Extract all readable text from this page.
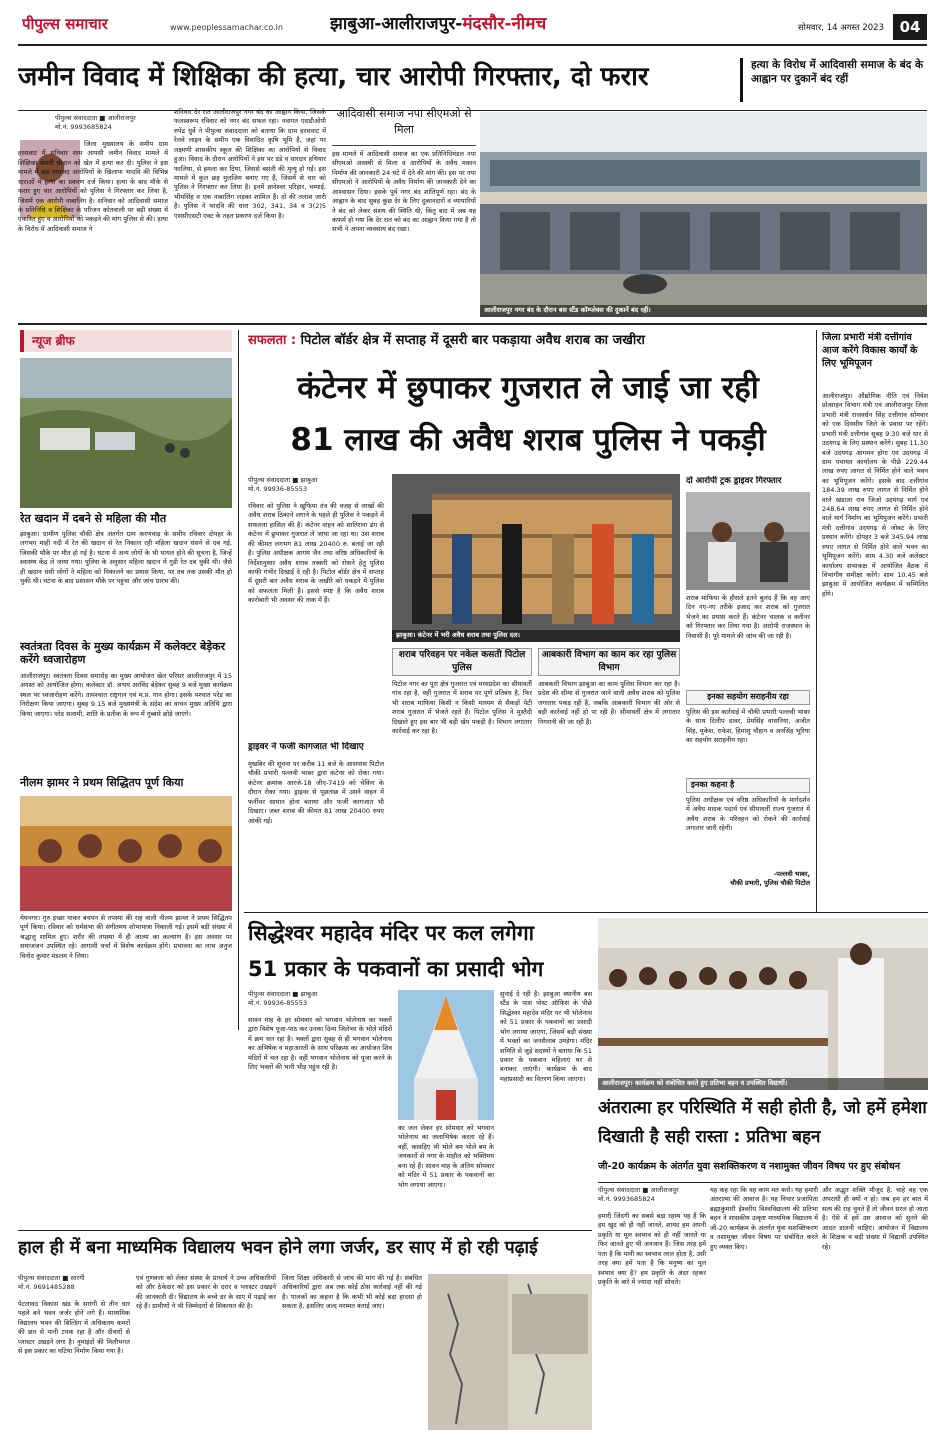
पीपुल्स समाचार	www.peoplessamachar.co.in	झाबुआ-आलीराजपुर-मंदसौर-नीमच	सोमवार, 14 अगस्त 2023	04
जमीन विवाद में शिक्षिका की हत्या, चार आरोपी गिरफ्तार, दो फरार	हत्या के विरोध में आदिवासी समाज के बंद के आह्वान पर दुकानें बंद रहीं
पीपुल्स संवाददाता ■ आलीराजपुर
मो.नं. 9993685824
जिला मुख्यालय के समीप ग्राम हरसवाट में शनिवार शाम आपसी जमीन विवाद मामले में शिक्षिका बंसती चौहान को खेत में हत्या कर दी। पुलिस ने इस मामले में छह नामजद आरोपियों के खिलाफ भादवि की विभिन्न धाराओं में हत्या का प्रकरण दर्ज किया। हत्या के बाद मौके से फरार हुए चार आरोपियों को पुलिस ने गिरफ्तार कर लिया है, जिसमें एक आरोपी नाबालिग है। शनिवार को आदिवासी समाज के प्रतिनिधि व शिक्षिका के परिजन कोतवाली पर बड़ी संख्या में एकत्रित हुए व आरोपियों को पकड़ने की मांग पुलिस से की। हत्या के विरोध में आदिवासी समाज ने
शनिवार देर रात आलीराजपुर नगर बंद का आह्वान किया, जिसके फलस्वरूप रविवार को नगर बंद सफल रहा। नवागत एसडीओपी रुपेंद्र धुर्वे ने पीपुल्स संवाददाता को बताया कि ग्राम हरसवाट में रेलवे लाइन के समीप एक विवादित कृषि भूमि है, जहां पर लक्ष्मणी शासकीय स्कूल की शिक्षिका का आरोपियों से विवाद हुआ। विवाद के दौरान आरोपियों ने इस पर डंडे व धारदार हथियार फालिया, से हमला कर दिया, जिससे बसंती की मृत्यु हो गई। इस मामले में कुल छह मुलजिम बनाए गए हैं, जिसमें से चार को पुलिस ने गिरफ्तार कर लिया है। इनमें ज्ञानेश्वर परिहार, चम्पाई, भीमसिंह व एक नाबालिग लड़का शामिल हैं। दो की तलाश जारी है। पुलिस ने भादवि की धारा 302, 341, 34 व 3(2)5 एससीएसटी एक्ट के तहत प्रकरण दर्ज किया है।
आदिवासी समाज नपा सीएमओ से मिला
इस मामले में आदिवासी समाज का एक प्रतिनिधिमंडल नपा सीएमओ अवस्थी से मिला व आरोपियों के अवैध मकान निर्माण की जानकारी 24 घंटे में देने की मांग की। इस पर नपा सीएमओ ने आरोपियों के अवैध निर्माण की जानकारी देने का आश्वासन दिया। इसके पूर्व नगर बंद शांतिपूर्ण रहा। बंद के आह्वान के बाद सुबह कुछ देर के लिए दुकानदारों व व्यापारियों ने बंद को लेकर संशय की स्थिति थी, किंतु बाद में जब यह कंफर्म हो गया कि देर रात को बंद का आह्वान किया गया है तो सभी ने अपना व्यवसाय बंद रखा।
आलीराजपुर नगर बंद के दौरान बस स्टैंड कॉम्प्लेक्स की दुकानें बंद रहीं।
न्यूज ब्रीफ
रेत खदान में दबने से महिला की मौत
झाबुआ। ग्रामीण पुलिस चौकी क्षेत्र अंतर्गत ग्राम करणवाड़ के समीप रविवार दोपहर के लगभग माही नदी में रेत की खदान से रेत निकाल रही महिला खदान धंसने से दब गई, जिसकी मौके पर मौत हो गई है। घटना में अन्य लोगों के भी घायल होने की सूचना है, जिन्हें स्वास्थ्य केंद्र ले जाया गया। पुलिस के अनुसार महिला खदान में गुड़ी रेत दब चुकी थी। जैसे ही खदान धंसी लोगों ने महिला को निकालने का प्रयास किया, पर तब तक उसकी मौत हो चुकी थी। घटना के बाद प्रशासन मौके पर पहुंचा और जांच प्रारंभ की।
स्वतंत्रता दिवस के मुख्य कार्यक्रम में कलेक्टर बेड़ेकर करेंगे ध्वजारोहण
आलीराजपुर। स्वतंत्रता दिवस समारोह का मुख्य आयोजन खेल परिसर आलीराजपुर में 15 अगस्त को आयोजित होगा। कलेक्टर डॉ. अभय अरविंद बेड़ेकर सुबह 9 बजे मुख्य कार्यक्रम स्थल पर ध्वजारोहण करेंगे। तत्पश्चात राष्ट्रगान एवं म.प्र. गान होगा। इसके पश्चात परेड का निरीक्षण किया जाएगा। सुबह 9.15 बजे मुख्यमंत्री के संदेश का वाचन मुख्य अतिथि द्वारा किया जाएगा। परेड सलामी, शांति के प्रतीक के रूप में गुब्बारे छोड़े जाएंगे।
नीलम झामर ने प्रथम सिद्धितप पूर्ण किया
मेघनगर। गुरु इच्छा पाकर बचपन से तपस्या की राह वाली नीलम झामर ने प्रथम सिद्धितप पूर्ण किया। रविवार को धर्मसभा की संगीतमय शोभायात्रा निकाली गई। इसमें बड़ी संख्या में श्रद्धालु शामिल हुए। शरीर की तपस्या में ही आत्मा का कल्याण है। इस अवसर पर समाजजन उपस्थित रहे। आगामी चर्चा में विशेष कार्यक्रम होंगे। प्रभावना का लाभ अनुज विनोद कुमार मंडलम ने लिया।
सफलता : पिटोल बॉर्डर क्षेत्र में सप्ताह में दूसरी बार पकड़ाया अवैध शराब का जखीरा
कंटेनर में छुपाकर गुजरात ले जाई जा रही
81 लाख की अवैध शराब पुलिस ने पकड़ी
पीपुल्स संवाददाता ■ झाबुआ
मो.नं. 99936-85553
रविवार को पुलिस ने खुफिया तंत्र की वजह से लाखों की अवैध शराब ठिकाने लगाने के पहले ही पुलिस ने पकड़ने में सफलता हासिल की है। कंटेनर वाहन को शातिराना ढंग से कंटेनर में छुपाकर गुजरात ले जाया जा रहा था। उस शराब की कीमत लगभग 81 लाख 20400 रु. बताई जा रही है। पुलिस अधीक्षक आगम जैन तथा वरिष्ठ अधिकारियों के निर्देशानुसार अवैध शराब तस्करी को रोकने हेतु पुलिस काफी गंभीर दिखाई दे रही है। पिटोल बॉर्डर क्षेत्र में सप्ताह में दूसरी बार अवैध शराब के जखीरे को पकड़ने में पुलिस को सफलता मिली है। इससे स्पष्ट है कि अवैध शराब कारोबारी भी अवसर की ताक में हैं।
ड्राइवर ने फर्जी कागजात भी दिखाए
मुखबिर की सूचना पर करीब 11 बजे के आसपास पिटोल चौकी प्रभारी पल्लवी भाबर द्वारा कंटेनर को रोका गया। कंटेनर क्रमांक आरजे-18 जीए-7419 को चेकिंग के दौरान रोका गया। ड्राइवर से पूछताछ में उसने वाहन में फर्नीचर सामान होना बताया और फर्जी कागजात भी दिखाए। जब्त शराब की कीमत 81 लाख 20400 रुपए आंकी गई।
झाबुआ। कंटेनर में भरी अवैध शराब तथा पुलिस दल।
शराब परिवहन पर नकेल कसती पिटोल पुलिस
पिटोल नगर का पूरा क्षेत्र गुजरात एवं मध्यप्रदेश का सीमावर्ती गांव रहा है, वहीं गुजरात में शराब पर पूर्ण प्रतिबंध है, फिर भी शराब माफिया किसी न किसी माध्यम से सैकड़ों पेटी शराब गुजरात में भेजते रहते हैं। पिटोल पुलिस ने मुस्तैदी दिखाते हुए इस बार भी बड़ी खेप पकड़ी है। विभाग लगातार कार्रवाई कर रहा है।
आबकारी विभाग का काम कर रहा पुलिस विभाग
आबकारी विभाग झाबुआ का काम पुलिस विभाग कर रहा है। प्रदेश की सीमा से गुजरात जाने वाली अवैध शराब को पुलिस लगातार पकड़ रही है, जबकि आबकारी विभाग की ओर से बड़ी कार्रवाई नहीं हो पा रही है। सीमावर्ती क्षेत्र में लगातार निगरानी की जा रही है।
दो आरोपी ट्रक ड्राइवर गिरफ्तार
शराब माफिया के हौसले इतने बुलंद हैं कि वह आए दिन नए-नए तरीके इजाद कर शराब को गुजरात भेजने का प्रयास करते हैं। कंटेनर चालक व क्लीनर को गिरफ्तार कर लिया गया है। आरोपी राजस्थान के निवासी हैं। पूरे मामले की जांच की जा रही है।
इनका सहयोग सराहनीय रहा
पुलिस की इस कार्रवाई में चौकी प्रभारी पल्लवी भाबर के साथ दिलीप डावर, प्रेमसिंह वासनिया, अजीत सिंह, मुकेश, राकेश, हिमांशु चौहान व अनसिंह भूरिया का सहयोग सराहनीय रहा।
इनका कहना है
पुलिस अधीक्षक एवं वरिष्ठ अधिकारियों के मार्गदर्शन में अवैध मादक पदार्थ एवं सीमावर्ती राज्य गुजरात में अवैध शराब के परिवहन को रोकने की कार्रवाई लगातार जारी रहेगी।
-पल्लवी भाबर,
चौकी प्रभारी, पुलिस चौकी पिटोल
जिला प्रभारी मंत्री दत्तीगांव आज करेंगे विकास कार्यों के लिए भूमिपूजन
आलीराजपुर। औद्योगिक नीति एवं निवेश प्रोत्साहन विभाग मंत्री एवं आलीराजपुर जिला प्रभारी मंत्री राजवर्धन सिंह दत्तीगांव सोमवार को एक दिवसीय जिले के प्रवास पर रहेंगे। प्रभारी मंत्री दत्तीगांव सुबह 9.30 बजे धार से उदयगढ़ के लिए प्रस्थान करेंगे। सुबह 11.30 बजे उदयगढ़ आगमन होगा एवं उदयगढ़ में ग्राम पंचायत कार्यालय के पीछे 229.44 लाख रुपए लागत से निर्मित होने वाले भवन का भूमिपूजन करेंगे। इसके बाद दत्तीगांव 184.39 लाख रुपए लागत से निर्मित होने वाले खंडाला राव जिओ उदयगढ़ मार्ग एवं 248.64 लाख रुपए लागत से निर्मित होने वाले मार्ग निर्माण का भूमिपूजन करेंगे। प्रभारी मंत्री दत्तीगांव उदयगढ़ से जोबट के लिए प्रस्थान करेंगे। दोपहर 3 बजे 345.94 लाख रुपए लागत से निर्मित होने वाले भवन का भूमिपूजन करेंगे। शाम 4.30 बजे कलेक्टर कार्यालय सभाकक्ष में आयोजित बैठक में विभागीय समीक्षा करेंगे। शाम 10.45 बजे झाबुआ में आयोजित कार्यक्रम में सम्मिलित होंगे।
सिद्धेश्वर महादेव मंदिर पर कल लगेगा
51 प्रकार के पकवानों का प्रसादी भोग
पीपुल्स संवाददाता ■ झाबुआ
मो.नं. 99936-85553
सावन माह के हर सोमवार को भगवान भोलेनाथ का भक्तों द्वारा विशेष पूजा-पाठ कर उनका दिव्य जिलेभर के भोले मंदिरों में क्रम चल रहा है। भक्तों द्वारा सुबह से ही भगवान भोलेनाथ का अभिषेक व महाआरती के साथ परिक्रमा का आयोजन शिव मंदिरों में चल रहा है। वहीं भगवान भोलेनाथ को पूजा करने के लिए भक्तों की भारी भीड़ पहुंच रही है।
का जल लेकर हर सोमवार को भगवान भोलेनाथ का जलाभिषेक करता रहे हैं। वहीं, कावड़िए भी भोले बम भोले बम के जयकारों से नगर के माहौल को भक्तिमय बना रहे हैं। सावन माह के अंतिम सोमवार को मंदिर में 51 प्रकार के पकवानों का भोग लगाया जाएगा।
सुनाई दे रही है। झाबुआ स्थानीय बस स्टैंड के पास पोस्ट ऑफिस के पीछे सिद्धेश्वर महादेव मंदिर पर भी भोलेनाथ को 51 प्रकार के पकवानों का प्रसादी भोग लगाया जाएगा, जिसमें बड़ी संख्या में भक्तों का जनसैलाब उमड़ेगा। मंदिर समिति से जुड़े सदस्यों ने बताया कि 51 प्रकार के पकवान महिलाएं घर से बनाकर लाएंगी। कार्यक्रम के बाद महाप्रसादी का वितरण किया जाएगा।
आलीराजपुर। कार्यक्रम को संबोधित करते हुए प्रतिभा बहन व उपस्थित विद्यार्थी।
अंतरात्मा हर परिस्थिति में सही होती है, जो हमें हमेशा दिखाती है सही रास्ता : प्रतिभा बहन
जी-20 कार्यक्रम के अंतर्गत युवा सशक्तिकरण व नशामुक्त जीवन विषय पर हुए संबोधन
पीपुल्स संवाददाता ■ आलीराजपुर
मो.नं. 9993685824
हमारी जिंदगी का सबसे बड़ा रहस्य यह है कि हम खुद को ही नहीं जानते, शायद हम अपनी प्रकृति या मूल स्वभाव को ही नहीं जानते या फिर जानते हुए भी अनजान हैं। जिस तरह हमें पता है कि पानी का स्वभाव तरल होता है, उसी तरह क्या हमें पता है कि मनुष्य का मूल स्वभाव क्या है? हम प्रकृति के अंदर रहकर प्रकृति के बारे में ज्यादा नहीं सोचते।
यह कह रहा कि वह काम मत करो। यह हमारी अंतरात्मा की आवाज है। यह विचार प्रजापिता ब्रह्माकुमारी ईश्वरीय विश्वविद्यालय की प्रतिभा बहन ने शासकीय उत्कृष्ट माध्यमिक विद्यालय में जी-20 कार्यक्रम के अंतर्गत युवा सशक्तिकरण व नशामुक्त जीवन विषय पर संबोधित करते हुए व्यक्त किए।
और अद्भुत शक्ति मौजूद है, चाहे वह एक अपराधी ही क्यों न हो। जब हम हर बात में सत्य की राह चुनते हैं तो जीवन सरल हो जाता है। ऐसे में हमें उस आवाज को सुनने की आदत डालनी चाहिए। आयोजन में विद्यालय के शिक्षक व बड़ी संख्या में विद्यार्थी उपस्थित रहे।
हाल ही में बना माध्यमिक विद्यालय भवन होने लगा जर्जर, डर साए में हो रही पढ़ाई
पीपुल्स संवाददाता ■ सारंगी
मो.नं. 9691485288
पेटलावद विकास खंड के सारंगी से तीन चार पहले बने भवन जर्जर होने लगे हैं। माध्यमिक विद्यालय भवन की बिल्डिंग में अधिकतम कमरों की छत से पानी टपक रहा है और दीवारों से प्लास्टर उखड़ने लगा है। नुमाइंदों की मिलीभगत से इस प्रकार का घटिया निर्माण किया गया है।
एवं गुणवत्ता को लेकर संस्था के प्राचार्य ने उच्च अधिकारियों को और ठेकेदार को इस प्रकार के दरार व प्लास्टर उखड़ने की जानकारी दी। विद्यालय के बच्चे डर के साए में पढ़ाई कर रहे हैं। ग्रामीणों ने भी जिम्मेदारों से शिकायत की है।
जिला शिक्षा अधिकारी से जांच की मांग की गई है। संबंधित अधिकारियों द्वारा अब तक कोई ठोस कार्रवाई नहीं की गई है। पालकों का कहना है कि कभी भी कोई बड़ा हादसा हो सकता है, इसलिए जल्द मरम्मत कराई जाए।
